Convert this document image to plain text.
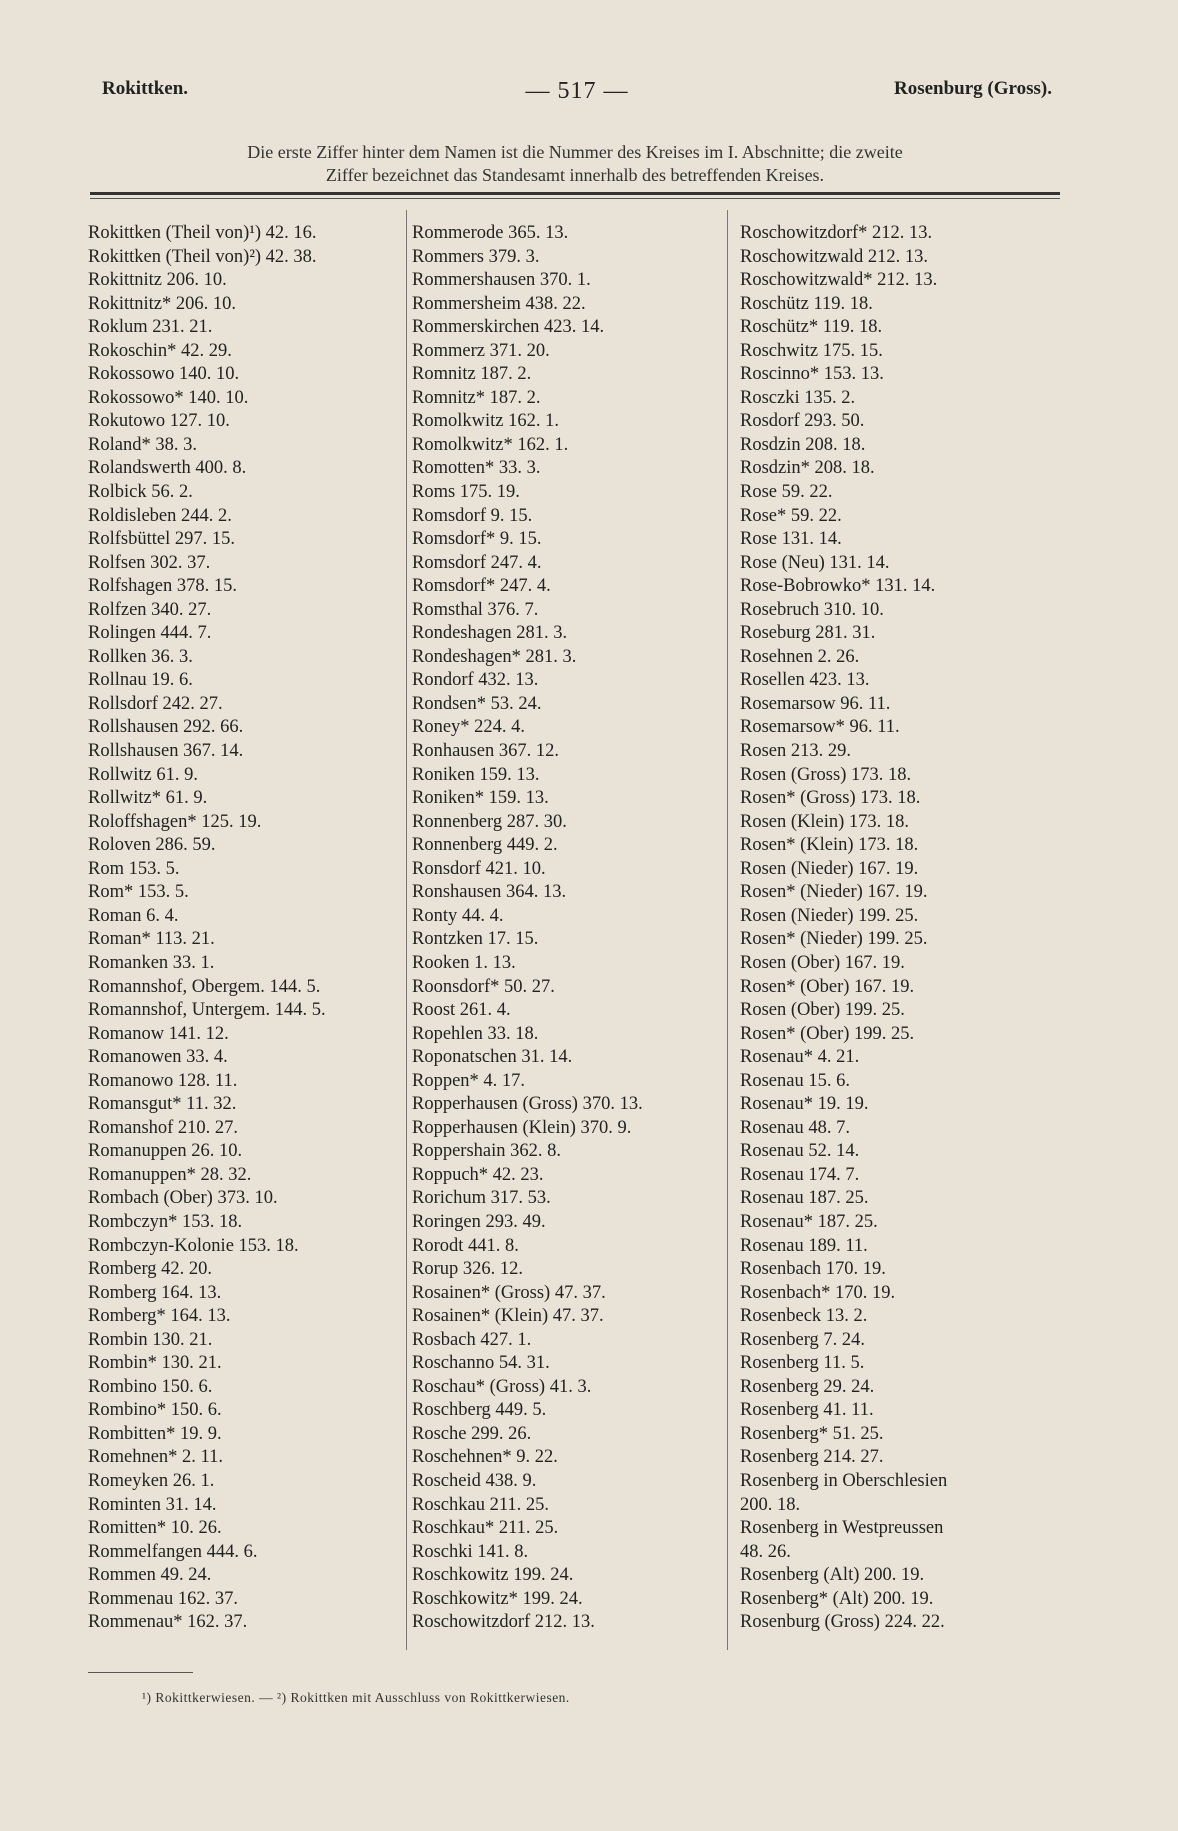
Rokittken.	— 517 —	Rosenburg (Gross).
Die erste Ziffer hinter dem Namen ist die Nummer des Kreises im I. Abschnitte; die zweite
Ziffer bezeichnet das Standesamt innerhalb des betreffenden Kreises.
Rokittken (Theil von)¹) 42. 16.
Rokittken (Theil von)²) 42. 38.
Rokittnitz 206. 10.
Rokittnitz* 206. 10.
Roklum 231. 21.
Rokoschin* 42. 29.
Rokossowo 140. 10.
Rokossowo* 140. 10.
Rokutowo 127. 10.
Roland* 38. 3.
Rolandswerth 400. 8.
Rolbick 56. 2.
Roldisleben 244. 2.
Rolfsbüttel 297. 15.
Rolfsen 302. 37.
Rolfshagen 378. 15.
Rolfzen 340. 27.
Rolingen 444. 7.
Rollken 36. 3.
Rollnau 19. 6.
Rollsdorf 242. 27.
Rollshausen 292. 66.
Rollshausen 367. 14.
Rollwitz 61. 9.
Rollwitz* 61. 9.
Roloffshagen* 125. 19.
Roloven 286. 59.
Rom 153. 5.
Rom* 153. 5.
Roman 6. 4.
Roman* 113. 21.
Romanken 33. 1.
Romannshof, Obergem. 144. 5.
Romannshof, Untergem. 144. 5.
Romanow 141. 12.
Romanowen 33. 4.
Romanowo 128. 11.
Romansgut* 11. 32.
Romanshof 210. 27.
Romanuppen 26. 10.
Romanuppen* 28. 32.
Rombach (Ober) 373. 10.
Rombczyn* 153. 18.
Rombczyn-Kolonie 153. 18.
Romberg 42. 20.
Romberg 164. 13.
Romberg* 164. 13.
Rombin 130. 21.
Rombin* 130. 21.
Rombino 150. 6.
Rombino* 150. 6.
Rombitten* 19. 9.
Romehnen* 2. 11.
Romeyken 26. 1.
Rominten 31. 14.
Romitten* 10. 26.
Rommelfangen 444. 6.
Rommen 49. 24.
Rommenau 162. 37.
Rommenau* 162. 37.
Rommerode 365. 13.
Rommers 379. 3.
Rommershausen 370. 1.
Rommersheim 438. 22.
Rommerskirchen 423. 14.
Rommerz 371. 20.
Romnitz 187. 2.
Romnitz* 187. 2.
Romolkwitz 162. 1.
Romolkwitz* 162. 1.
Romotten* 33. 3.
Roms 175. 19.
Romsdorf 9. 15.
Romsdorf* 9. 15.
Romsdorf 247. 4.
Romsdorf* 247. 4.
Romsthal 376. 7.
Rondeshagen 281. 3.
Rondeshagen* 281. 3.
Rondorf 432. 13.
Rondsen* 53. 24.
Roney* 224. 4.
Ronhausen 367. 12.
Roniken 159. 13.
Roniken* 159. 13.
Ronnenberg 287. 30.
Ronnenberg 449. 2.
Ronsdorf 421. 10.
Ronshausen 364. 13.
Ronty 44. 4.
Rontzken 17. 15.
Rooken 1. 13.
Roonsdorf* 50. 27.
Roost 261. 4.
Ropehlen 33. 18.
Roponatschen 31. 14.
Roppen* 4. 17.
Ropperhausen (Gross) 370. 13.
Ropperhausen (Klein) 370. 9.
Roppershain 362. 8.
Roppuch* 42. 23.
Rorichum 317. 53.
Roringen 293. 49.
Rorodt 441. 8.
Rorup 326. 12.
Rosainen* (Gross) 47. 37.
Rosainen* (Klein) 47. 37.
Rosbach 427. 1.
Roschanno 54. 31.
Roschau* (Gross) 41. 3.
Roschberg 449. 5.
Rosche 299. 26.
Roschehnen* 9. 22.
Roscheid 438. 9.
Roschkau 211. 25.
Roschkau* 211. 25.
Roschki 141. 8.
Roschkowitz 199. 24.
Roschkowitz* 199. 24.
Roschowitzdorf 212. 13.
Roschowitzdorf* 212. 13.
Roschowitzwald 212. 13.
Roschowitzwald* 212. 13.
Roschütz 119. 18.
Roschütz* 119. 18.
Roschwitz 175. 15.
Roscinno* 153. 13.
Rosczki 135. 2.
Rosdorf 293. 50.
Rosdzin 208. 18.
Rosdzin* 208. 18.
Rose 59. 22.
Rose* 59. 22.
Rose 131. 14.
Rose (Neu) 131. 14.
Rose-Bobrowko* 131. 14.
Rosebruch 310. 10.
Roseburg 281. 31.
Rosehnen 2. 26.
Rosellen 423. 13.
Rosemarsow 96. 11.
Rosemarsow* 96. 11.
Rosen 213. 29.
Rosen (Gross) 173. 18.
Rosen* (Gross) 173. 18.
Rosen (Klein) 173. 18.
Rosen* (Klein) 173. 18.
Rosen (Nieder) 167. 19.
Rosen* (Nieder) 167. 19.
Rosen (Nieder) 199. 25.
Rosen* (Nieder) 199. 25.
Rosen (Ober) 167. 19.
Rosen* (Ober) 167. 19.
Rosen (Ober) 199. 25.
Rosen* (Ober) 199. 25.
Rosenau* 4. 21.
Rosenau 15. 6.
Rosenau* 19. 19.
Rosenau 48. 7.
Rosenau 52. 14.
Rosenau 174. 7.
Rosenau 187. 25.
Rosenau* 187. 25.
Rosenau 189. 11.
Rosenbach 170. 19.
Rosenbach* 170. 19.
Rosenbeck 13. 2.
Rosenberg 7. 24.
Rosenberg 11. 5.
Rosenberg 29. 24.
Rosenberg 41. 11.
Rosenberg* 51. 25.
Rosenberg 214. 27.
Rosenberg in Oberschlesien
200. 18.
Rosenberg in Westpreussen
48. 26.
Rosenberg (Alt) 200. 19.
Rosenberg* (Alt) 200. 19.
Rosenburg (Gross) 224. 22.
¹) Rokittkerwiesen. — ²) Rokittken mit Ausschluss von Rokittkerwiesen.
